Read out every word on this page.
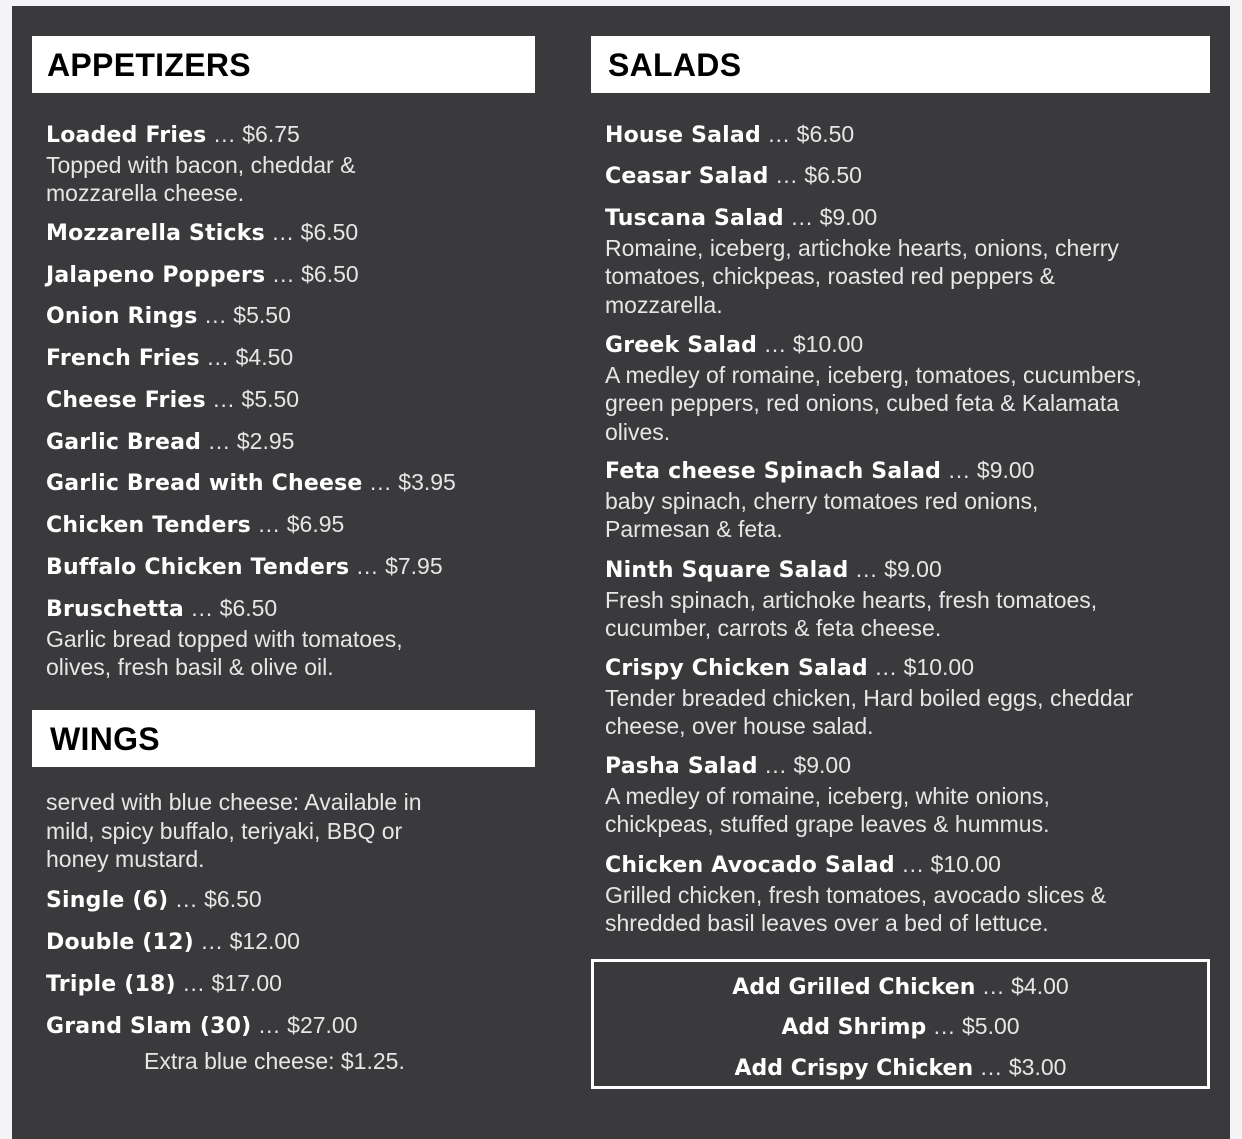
APPETIZERS
Loaded Fries … $6.75
Topped with bacon, cheddar & mozzarella cheese.
Mozzarella Sticks … $6.50
Jalapeno Poppers … $6.50
Onion Rings … $5.50
French Fries … $4.50
Cheese Fries … $5.50
Garlic Bread … $2.95
Garlic Bread with Cheese … $3.95
Chicken Tenders … $6.95
Buffalo Chicken Tenders … $7.95
Bruschetta … $6.50
Garlic bread topped with tomatoes, olives, fresh basil & olive oil.
WINGS
served with blue cheese: Available in mild, spicy buffalo, teriyaki, BBQ or honey mustard.
Single (6) … $6.50
Double (12) … $12.00
Triple (18) … $17.00
Grand Slam (30) … $27.00
Extra blue cheese: $1.25.
SALADS
House Salad … $6.50
Ceasar Salad … $6.50
Tuscana Salad … $9.00
Romaine, iceberg, artichoke hearts, onions, cherry tomatoes, chickpeas, roasted red peppers & mozzarella.
Greek Salad … $10.00
A medley of romaine, iceberg, tomatoes, cucumbers, green peppers, red onions, cubed feta & Kalamata olives.
Feta cheese Spinach Salad … $9.00
baby spinach, cherry tomatoes red onions, Parmesan & feta.
Ninth Square Salad … $9.00
Fresh spinach, artichoke hearts, fresh tomatoes, cucumber, carrots & feta cheese.
Crispy Chicken Salad … $10.00
Tender breaded chicken, Hard boiled eggs, cheddar cheese, over house salad.
Pasha Salad … $9.00
A medley of romaine, iceberg, white onions, chickpeas, stuffed grape leaves & hummus.
Chicken Avocado Salad … $10.00
Grilled chicken, fresh tomatoes, avocado slices & shredded basil leaves over a bed of lettuce.
Add Grilled Chicken … $4.00
Add Shrimp … $5.00
Add Crispy Chicken … $3.00
